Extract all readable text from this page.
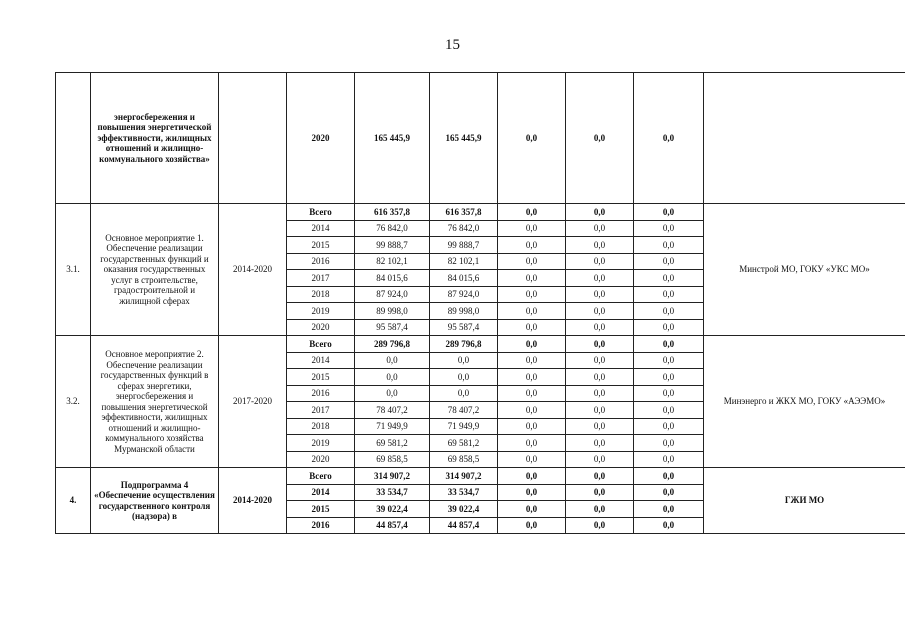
15
	энергосбережения и повышения энергетической эффективности, жилищных отношений и жилищно-коммунального хозяйства»		2020	165 445,9	165 445,9	0,0	0,0	0,0	
3.1.	Основное мероприятие 1. Обеспечение реализации государственных функций и оказания государственных услуг в строительстве, градостроительной и жилищной сферах	2014-2020	Всего	616 357,8	616 357,8	0,0	0,0	0,0	Минстрой МО, ГОКУ «УКС МО»
			2014	76 842,0	76 842,0	0,0	0,0	0,0	
			2015	99 888,7	99 888,7	0,0	0,0	0,0	
			2016	82 102,1	82 102,1	0,0	0,0	0,0	
			2017	84 015,6	84 015,6	0,0	0,0	0,0	
			2018	87 924,0	87 924,0	0,0	0,0	0,0	
			2019	89 998,0	89 998,0	0,0	0,0	0,0	
			2020	95 587,4	95 587,4	0,0	0,0	0,0	
3.2.	Основное мероприятие 2. Обеспечение реализации государственных функций в сферах энергетики, энергосбережения и повышения энергетической эффективности, жилищных отношений и жилищно-коммунального хозяйства Мурманской области	2017-2020	Всего	289 796,8	289 796,8	0,0	0,0	0,0	Минэнерго и ЖКХ МО, ГОКУ «АЭЭМО»
			2014	0,0	0,0	0,0	0,0	0,0	
			2015	0,0	0,0	0,0	0,0	0,0	
			2016	0,0	0,0	0,0	0,0	0,0	
			2017	78 407,2	78 407,2	0,0	0,0	0,0	
			2018	71 949,9	71 949,9	0,0	0,0	0,0	
			2019	69 581,2	69 581,2	0,0	0,0	0,0	
			2020	69 858,5	69 858,5	0,0	0,0	0,0	
4.	Подпрограмма 4 «Обеспечение осуществления государственного контроля (надзора) в	2014-2020	Всего	314 907,2	314 907,2	0,0	0,0	0,0	ГЖИ МО
			2014	33 534,7	33 534,7	0,0	0,0	0,0	
			2015	39 022,4	39 022,4	0,0	0,0	0,0	
			2016	44 857,4	44 857,4	0,0	0,0	0,0	
